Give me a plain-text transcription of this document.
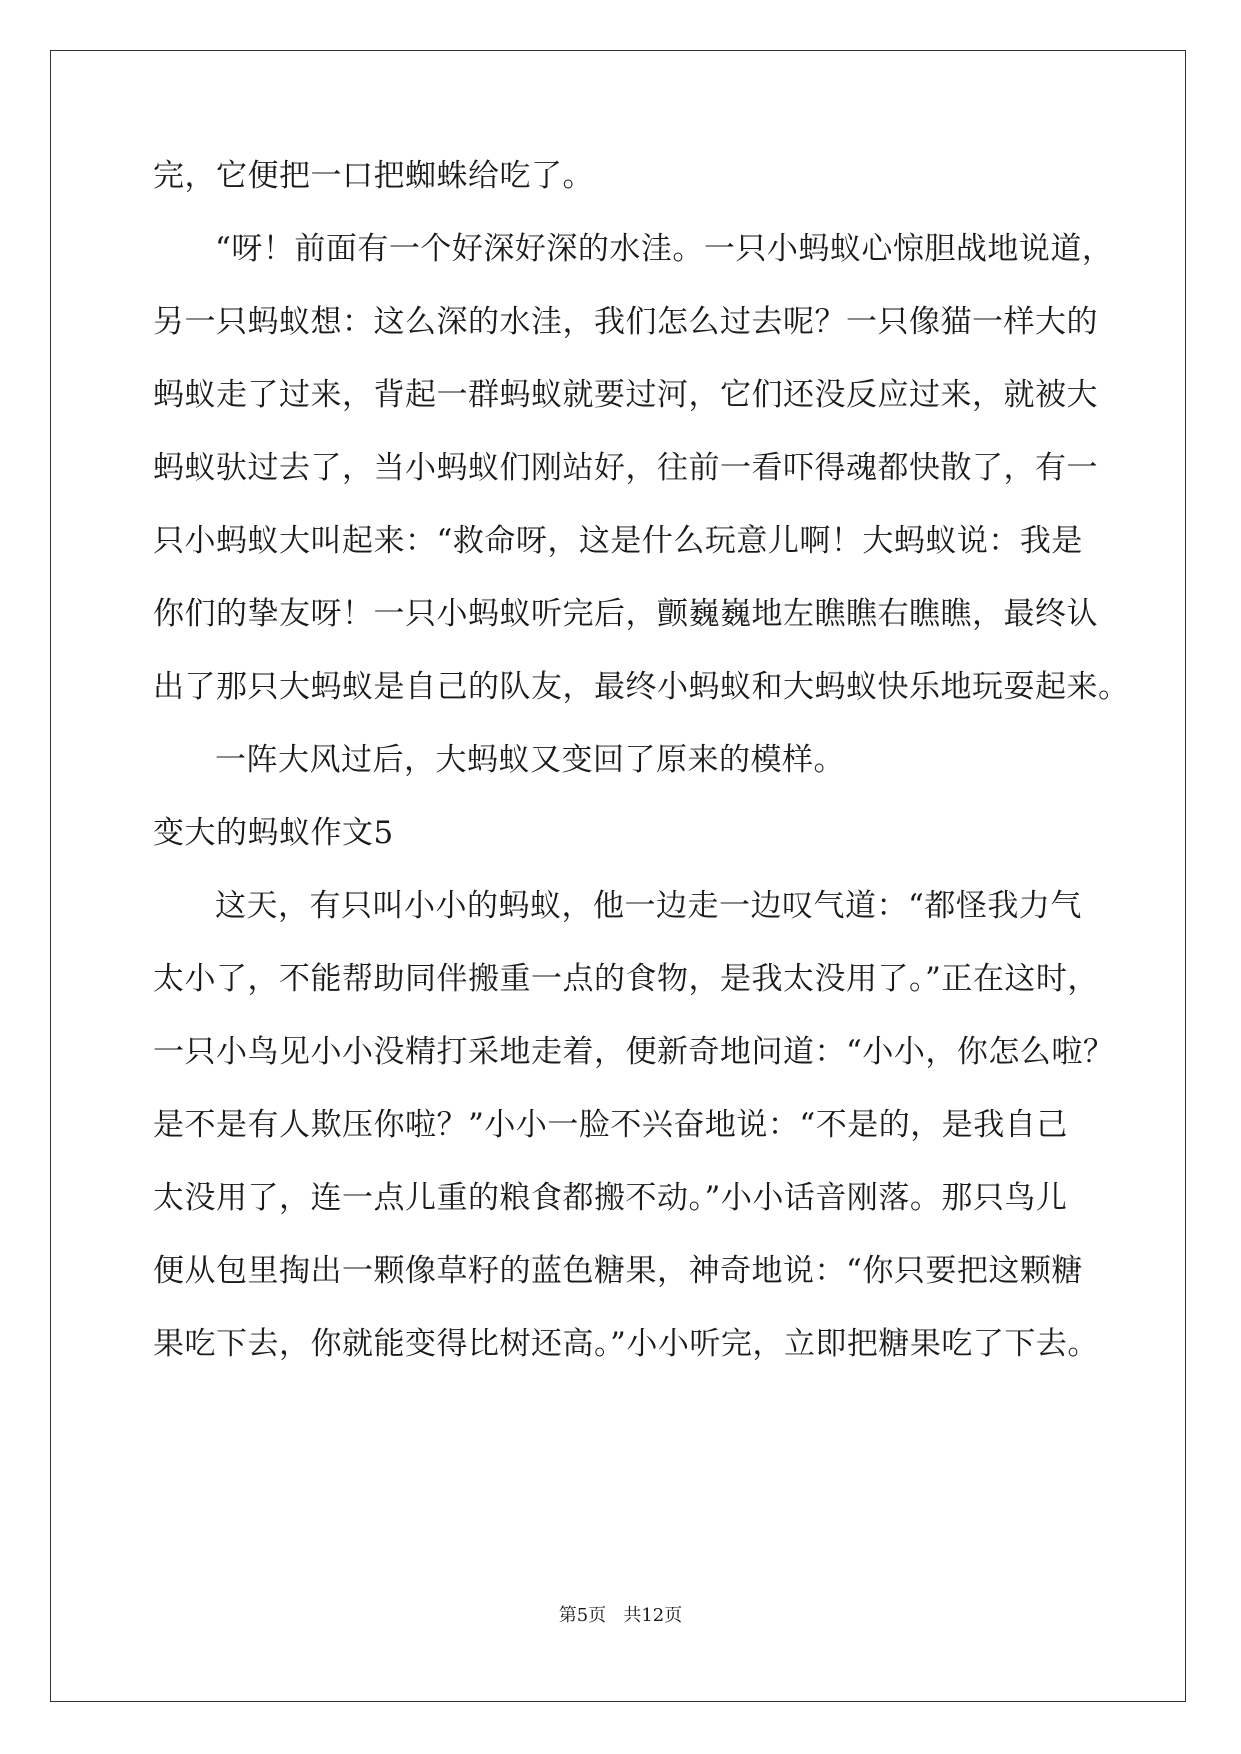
完，它便把一口把蜘蛛给吃了。

“呀！前面有一个好深好深的水洼。一只小蚂蚁心惊胆战地说道，

另一只蚂蚁想：这么深的水洼，我们怎么过去呢？一只像猫一样大的

蚂蚁走了过来，背起一群蚂蚁就要过河，它们还没反应过来，就被大

蚂蚁驮过去了，当小蚂蚁们刚站好，往前一看吓得魂都快散了，有一

只小蚂蚁大叫起来：“救命呀，这是什么玩意儿啊！大蚂蚁说：我是

你们的挚友呀！一只小蚂蚁听完后，颤巍巍地左瞧瞧右瞧瞧，最终认

出了那只大蚂蚁是自己的队友，最终小蚂蚁和大蚂蚁快乐地玩耍起来。

一阵大风过后，大蚂蚁又变回了原来的模样。

变大的蚂蚁作文5

这天，有只叫小小的蚂蚁，他一边走一边叹气道：“都怪我力气

太小了，不能帮助同伴搬重一点的食物，是我太没用了。”正在这时，

一只小鸟见小小没精打采地走着，便新奇地问道：“小小，你怎么啦？

是不是有人欺压你啦？”小小一脸不兴奋地说：“不是的，是我自己

太没用了，连一点儿重的粮食都搬不动。”小小话音刚落。那只鸟儿

便从包里掏出一颗像草籽的蓝色糖果，神奇地说：“你只要把这颗糖

果吃下去，你就能变得比树还高。”小小听完，立即把糖果吃了下去。

第5页 共12页
